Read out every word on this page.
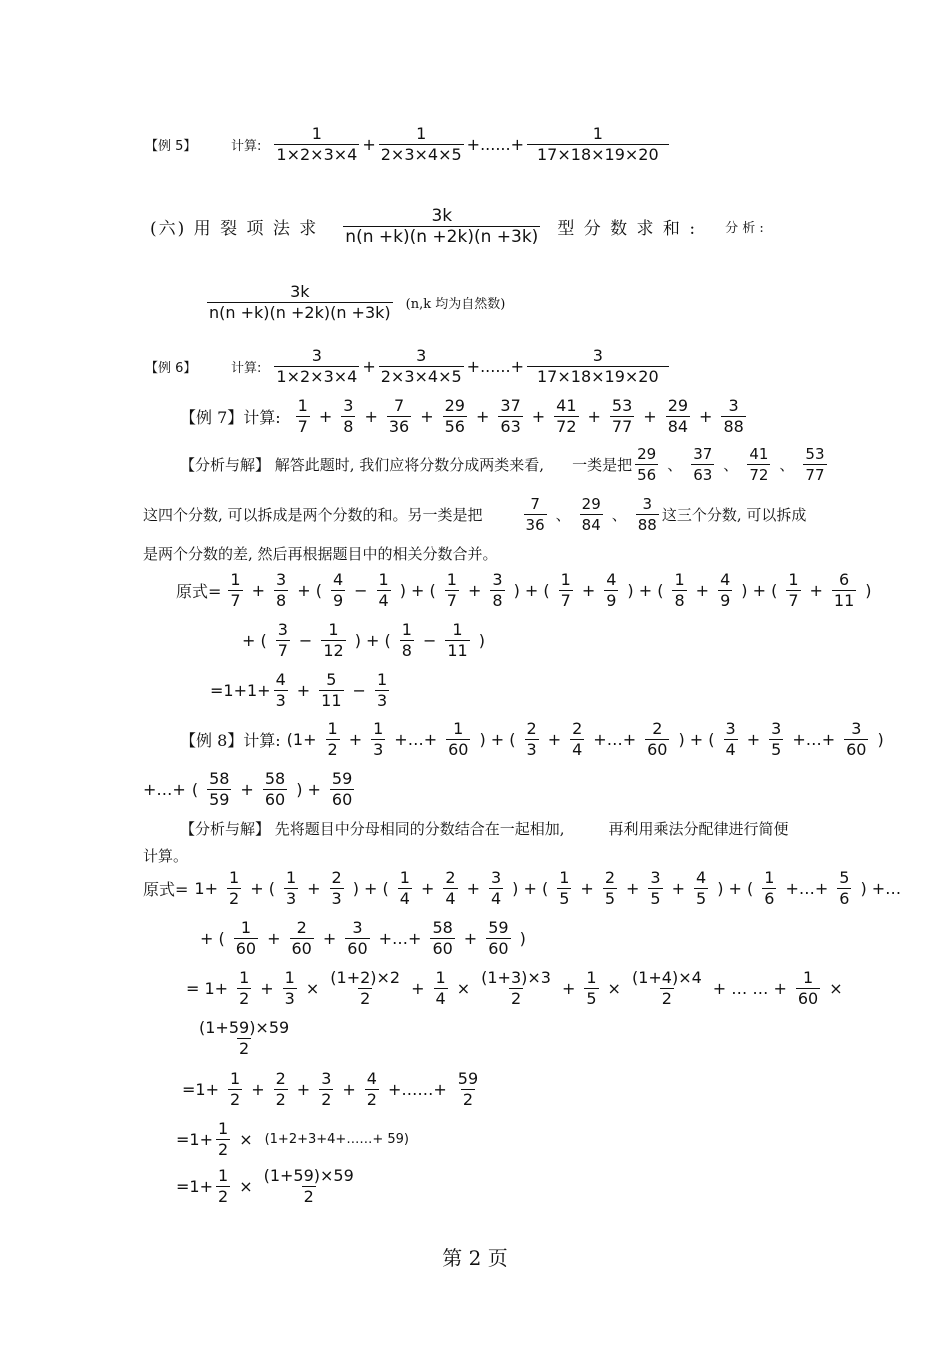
【例 5】	计算:
1
1×2×3×4
+ $\frac{1}{2\times 3\times 4\times 5}$ +......+ $\frac{1}{17\times 18\times 19\times 20}$
(六) 用 裂 项 法 求
3k
n(n +k)(n +2k)(n +3k) 型 分 数 求 和 : 分 析 :
3k
n(n +k)(n +2k)(n +3k) (n,k 均为自然数)
【例 6】	计算:
3
1×2×3×4
+ $\frac{3}{2\times 3\times 4\times 5}$ +......+ $\frac{3}{17\times 18\times 19\times 20}$
【例 7】计算:
1
7
+ $\frac{3}{8} + \frac{7}{36} + \frac{29}{56} + \frac{37}{63} + \frac{41}{72} + \frac{53}{77} + \frac{29}{84} + \frac{3}{88}$
【分析与解】 解答此题时, 我们应将分数分成两类来看, 一类是把
29
56
、
37
63
、
41
72
、
53
77
这四个分数, 可以拆成是两个分数的和。另一类是把
7
36
、
29
84
、
3
88
这三个分数, 可以拆成
是两个分数的差, 然后再根据题目中的相关分数合并。
原式=
1
7
+ $\frac{3}{8}$ + (
4
9
− $\frac{1}{4}$ ) + (
1
7
+ $\frac{3}{8}$ ) + (
1
7
+ $\frac{4}{9}$ ) + (
1
8
+ $\frac{4}{9}$ ) + (
1
7
+ $\frac{6}{11}$ )
+ (
3
7
− $\frac{1}{12}$ ) + (
1
8
− $\frac{1}{11}$ )
=1+1+
4
3
+ $\frac{5}{11} - \frac{1}{3}$
【例 8】计算: ($1+ \frac{1}{2} + \frac{1}{3}$ +…+ $\frac{1}{60}$ ) + (
2
3
+ $\frac{2}{4}$ +…+ $\frac{2}{60}$ ) + (
3
4
+ $\frac{3}{5}$ +…+ $\frac{3}{60}$ )
+…+ (
58
59
+ $\frac{58}{60}$ ) + $\frac{59}{60}$
【分析与解】 先将题目中分母相同的分数结合在一起相加,	再利用乘法分配律进行简便
计算。
原式= $1+ \frac{1}{2}$ + (
1
3
+ $\frac{2}{3}$ ) + (
1
4
+ $\frac{2}{4} + \frac{3}{4}$ ) + (
1
5
+ $\frac{2}{5} + \frac{3}{5} + \frac{4}{5}$ ) + (
1
6
+…+ $\frac{5}{6}$ ) +…
+ (
1
60
+ $\frac{2}{60} + \frac{3}{60}$ +…+ $\frac{58}{60} + \frac{59}{60}$ )
= $1+ \frac{1}{2} + \frac{1}{3} \times \frac{(1+2)\times 2}{2} + \frac{1}{4} \times \frac{(1+3)\times 3}{2} + \frac{1}{5} \times \frac{(1+4)\times 4}{2}$ + … … + $\frac{1}{60}$ ×
(1+59)×59
2
$=1+ \frac{1}{2} + \frac{2}{2} + \frac{3}{2} + \frac{4}{2}$ +……+ $\frac{59}{2}$
$=1+ \frac{1}{2}$ × (1+2+3+4+……+ 59)
$=1+ \frac{1}{2} \times \frac{(1+59)\times 59}{2}$
第 2 页
